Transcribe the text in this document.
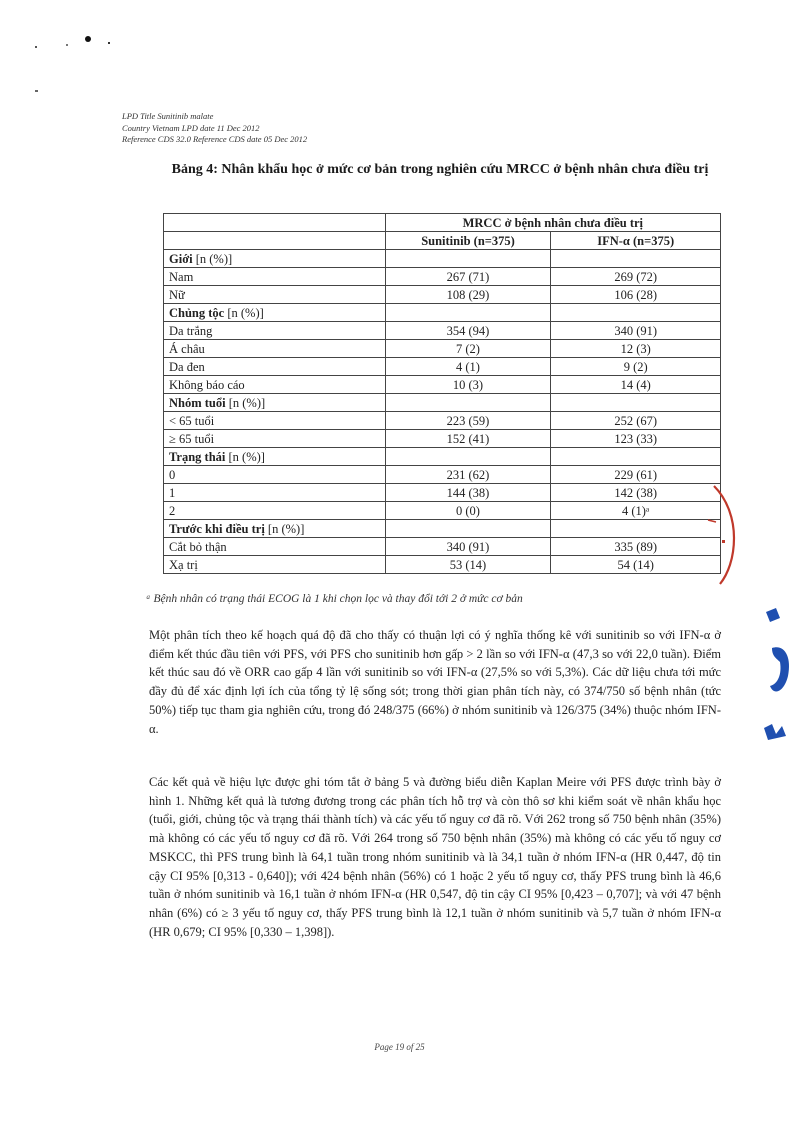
LPD Title Sunitinib malate
Country Vietnam LPD date 11 Dec 2012
Reference CDS 32.0 Reference CDS date 05 Dec 2012
Bảng 4: Nhân khẩu học ở mức cơ bản trong nghiên cứu MRCC ở bệnh nhân chưa điều trị
	MRCC ở bệnh nhân chưa điều trị	
	Sunitinib (n=375)	IFN-α (n=375)
Giới [n (%)]		
Nam	267 (71)	269 (72)
Nữ	108 (29)	106 (28)
Chủng tộc [n (%)]		
Da trắng	354 (94)	340 (91)
Á châu	7 (2)	12 (3)
Da đen	4 (1)	9 (2)
Không báo cáo	10 (3)	14 (4)
Nhóm tuổi [n (%)]		
< 65 tuổi	223 (59)	252 (67)
≥ 65 tuổi	152 (41)	123 (33)
Trạng thái [n (%)]		
0	231 (62)	229 (61)
1	144 (38)	142 (38)
2	0 (0)	4 (1)ᵃ
Trước khi điều trị [n (%)]		
Cắt bỏ thận	340 (91)	335 (89)
Xạ trị	53 (14)	54 (14)
ᵃ Bệnh nhân có trạng thái ECOG là 1 khi chọn lọc và thay đổi tới 2 ở mức cơ bản
Một phân tích theo kế hoạch quá độ đã cho thấy có thuận lợi có ý nghĩa thống kê với sunitinib so với IFN-α ở điểm kết thúc đầu tiên với PFS, với PFS cho sunitinib hơn gấp > 2 lần so với IFN-α (47,3 so với 22,0 tuần). Điểm kết thúc sau đó về ORR cao gấp 4 lần với sunitinib so với IFN-α (27,5% so với 5,3%). Các dữ liệu chưa tới mức đầy đủ để xác định lợi ích của tổng tỷ lệ sống sót; trong thời gian phân tích này, có 374/750 số bệnh nhân (tức 50%) tiếp tục tham gia nghiên cứu, trong đó 248/375 (66%) ở nhóm sunitinib và 126/375 (34%) thuộc nhóm IFN-α.
Các kết quả về hiệu lực được ghi tóm tắt ở bảng 5 và đường biểu diễn Kaplan Meire với PFS được trình bày ở hình 1. Những kết quả là tương đương trong các phân tích hỗ trợ và còn thô sơ khi kiểm soát về nhân khẩu học (tuổi, giới, chủng tộc và trạng thái thành tích) và các yếu tố nguy cơ đã rõ. Với 262 trong số 750 bệnh nhân (35%) mà không có các yếu tố nguy cơ đã rõ. Với 264 trong số 750 bệnh nhân (35%) mà không có các yếu tố nguy cơ MSKCC, thì PFS trung bình là 64,1 tuần trong nhóm sunitinib và là 34,1 tuần ở nhóm IFN-α (HR 0,447, độ tin cậy CI 95% [0,313 - 0,640]); với 424 bệnh nhân (56%) có 1 hoặc 2 yếu tố nguy cơ, thấy PFS trung bình là 46,6 tuần ở nhóm sunitinib và 16,1 tuần ở nhóm IFN-α (HR 0,547, độ tin cậy CI 95% [0,423 – 0,707]; và với 47 bệnh nhân (6%) có ≥ 3 yếu tố nguy cơ, thấy PFS trung bình là 12,1 tuần ở nhóm sunitinib và 5,7 tuần ở nhóm IFN-α (HR 0,679; CI 95% [0,330 – 1,398]).
Page 19 of 25
